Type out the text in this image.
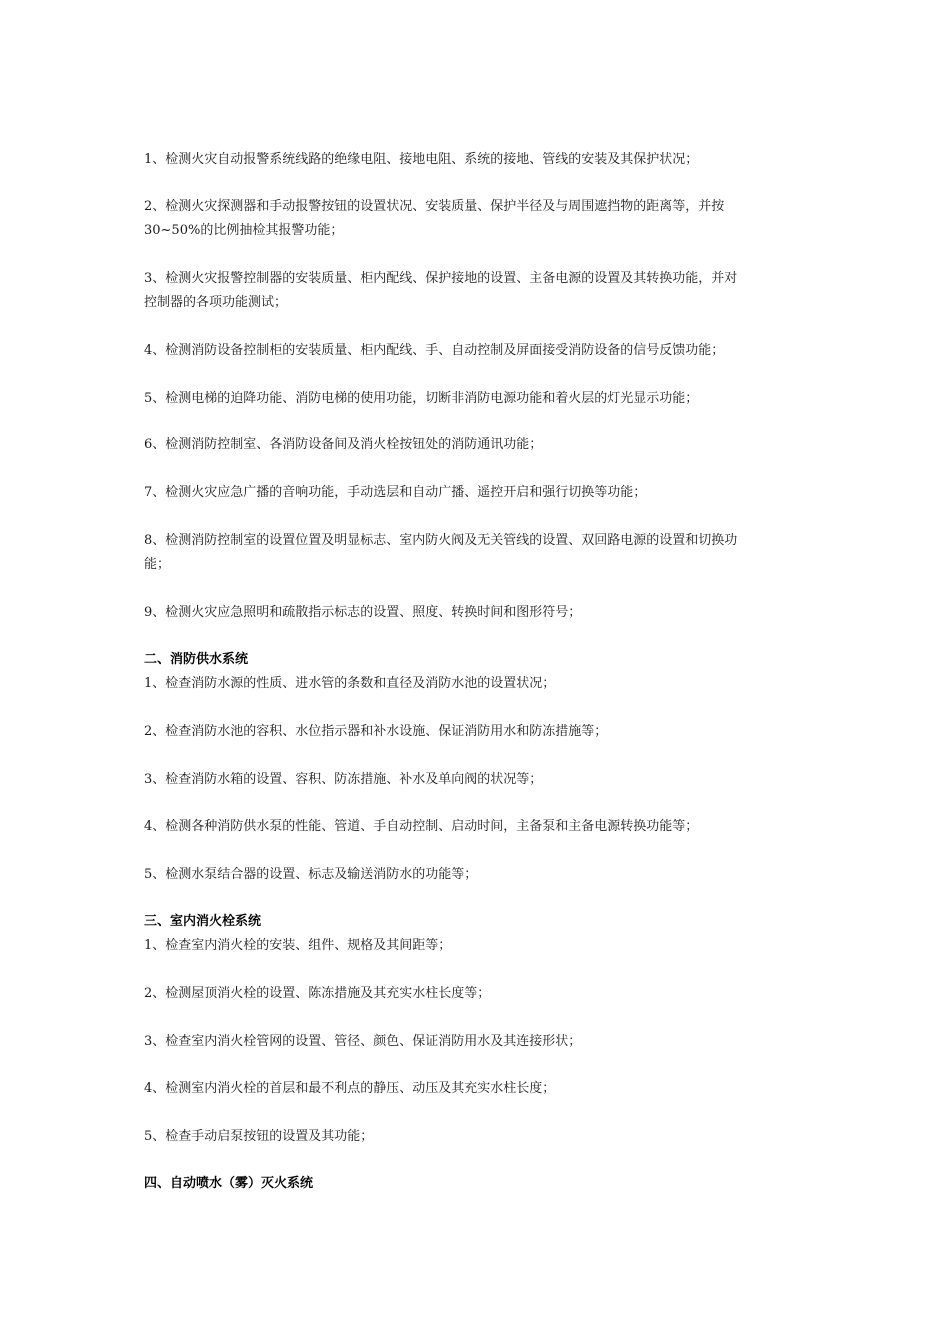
1、检测火灾自动报警系统线路的绝缘电阻、接地电阻、系统的接地、管线的安装及其保护状况；
2、检测火灾探测器和手动报警按钮的设置状况、安装质量、保护半径及与周围遮挡物的距离等，并按
30~50%的比例抽检其报警功能；
3、检测火灾报警控制器的安装质量、柜内配线、保护接地的设置、主备电源的设置及其转换功能，并对
控制器的各项功能测试；
4、检测消防设备控制柜的安装质量、柜内配线、手、自动控制及屏面接受消防设备的信号反馈功能；
5、检测电梯的迫降功能、消防电梯的使用功能，切断非消防电源功能和着火层的灯光显示功能；
6、检测消防控制室、各消防设备间及消火栓按钮处的消防通讯功能；
7、检测火灾应急广播的音响功能，手动选层和自动广播、遥控开启和强行切换等功能；
8、检测消防控制室的设置位置及明显标志、室内防火阀及无关管线的设置、双回路电源的设置和切换功
能；
9、检测火灾应急照明和疏散指示标志的设置、照度、转换时间和图形符号；
二、消防供水系统
1、检查消防水源的性质、进水管的条数和直径及消防水池的设置状况；
2、检查消防水池的容积、水位指示器和补水设施、保证消防用水和防冻措施等；
3、检查消防水箱的设置、容积、防冻措施、补水及单向阀的状况等；
4、检测各种消防供水泵的性能、管道、手自动控制、启动时间，主备泵和主备电源转换功能等；
5、检测水泵结合器的设置、标志及输送消防水的功能等；
三、室内消火栓系统
1、检查室内消火栓的安装、组件、规格及其间距等；
2、检测屋顶消火栓的设置、陈冻措施及其充实水柱长度等；
3、检查室内消火栓管网的设置、管径、颜色、保证消防用水及其连接形状；
4、检测室内消火栓的首层和最不利点的静压、动压及其充实水柱长度；
5、检查手动启泵按钮的设置及其功能；
四、自动喷水（雾）灭火系统
